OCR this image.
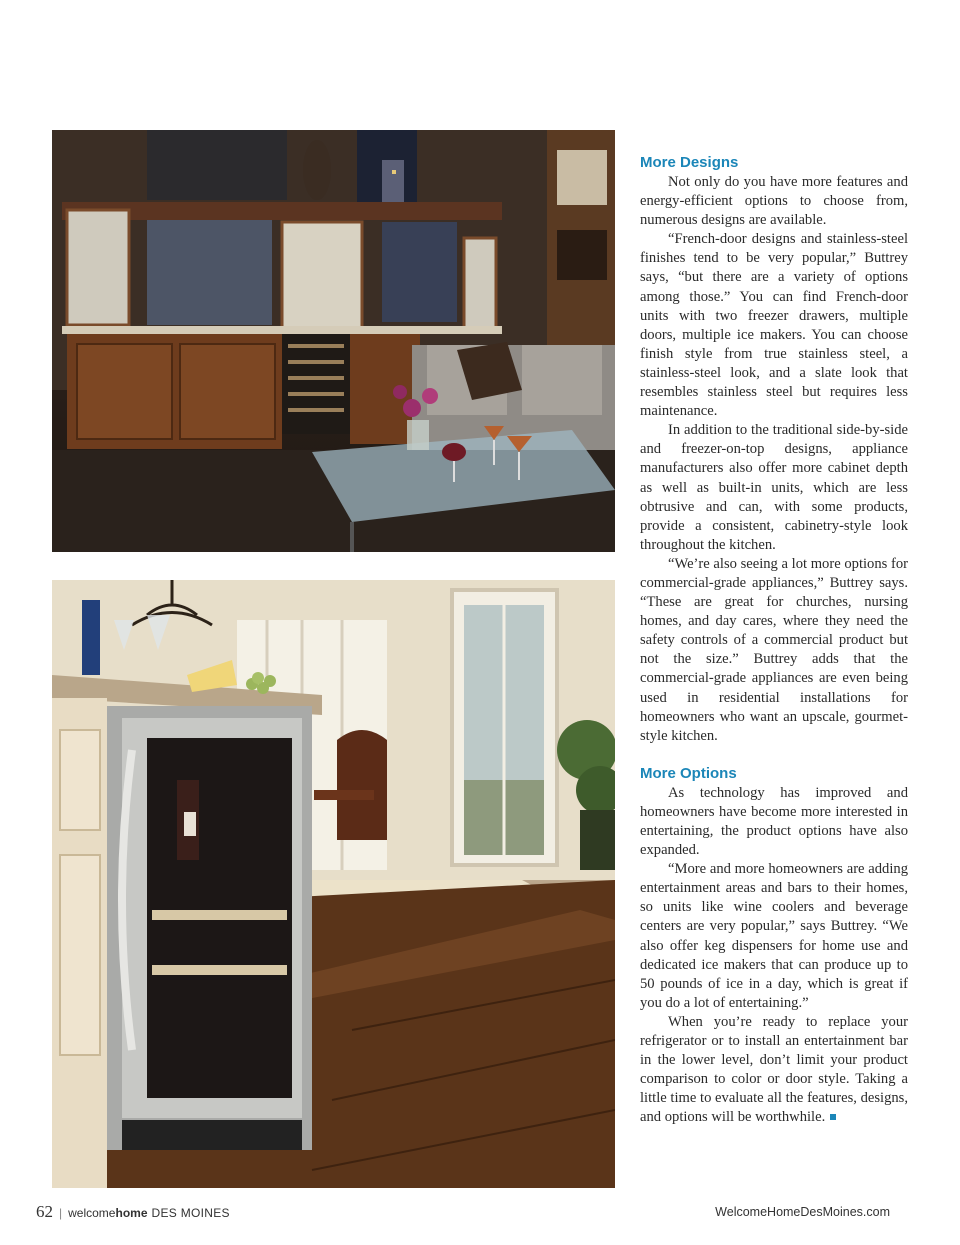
More Designs

Not only do you have more features and energy-efficient options to choose from, numerous designs are available.

“French-door designs and stainless-steel finishes tend to be very popular,” Buttrey says, “but there are a variety of options among those.” You can find French-door units with two freezer drawers, multiple doors, multiple ice makers. You can choose finish style from true stainless steel, a stainless-steel look, and a slate look that resembles stainless steel but requires less maintenance.

In addition to the traditional side-by-side and freezer-on-top designs, appliance manufacturers also offer more cabinet depth as well as built-in units, which are less obtrusive and can, with some products, provide a consistent, cabinetry-style look throughout the kitchen.

“We’re also seeing a lot more options for commercial-grade appliances,” Buttrey says. “These are great for churches, nursing homes, and day cares, where they need the safety controls of a commercial product but not the size.” Buttrey adds that the commercial-grade appliances are even being used in residential installations for homeowners who want an upscale, gourmet-style kitchen.

More Options

As technology has improved and homeowners have become more interested in entertaining, the product options have also expanded.

“More and more homeowners are adding entertainment areas and bars to their homes, so units like wine coolers and beverage centers are very popular,” says Buttrey. “We also offer keg dispensers for home use and dedicated ice makers that can produce up to 50 pounds of ice in a day, which is great if you do a lot of entertaining.”

When you’re ready to replace your refrigerator or to install an entertainment bar in the lower level, don’t limit your product comparison to color or door style. Taking a little time to evaluate all the features, designs, and options will be worthwhile.

62 | welcomehome DES MOINES	WelcomeHomeDesMoines.com
